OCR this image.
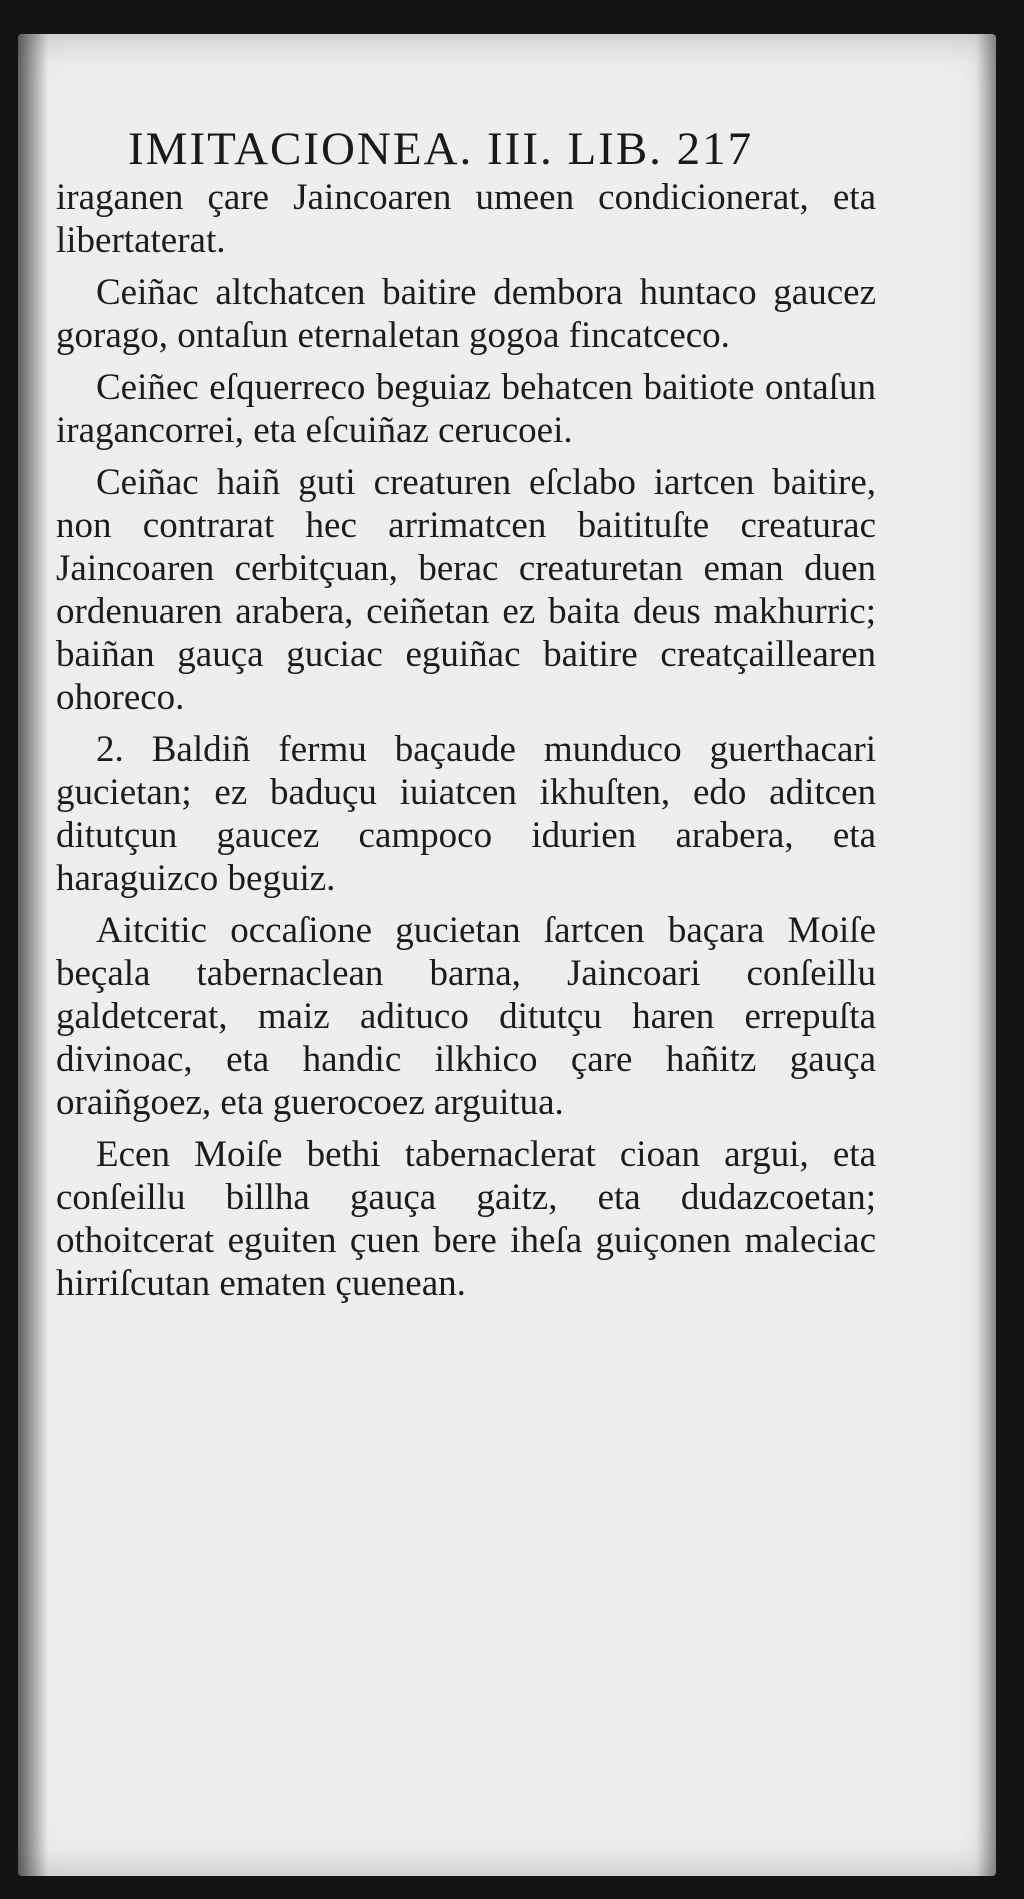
IMITACIONEA. III. LIB. 217

iraganen çare Jaincoaren umeen condicionerat, eta libertaterat.

Ceiñac altchatcen baitire dembora huntaco gaucez gorago, ontaſun eternaletan gogoa fincatceco.

Ceiñec eſquerreco beguiaz behatcen baitiote ontaſun iragancorrei, eta eſcuiñaz cerucoei.

Ceiñac haiñ guti creaturen eſclabo iartcen baitire, non contrarat hec arrimatcen baitituſte creaturac Jaincoaren cerbitçuan, berac creaturetan eman duen ordenuaren arabera, ceiñetan ez baita deus makhurric; baiñan gauça guciac eguiñac baitire creatçaillearen ohoreco.

2. Baldiñ fermu baçaude munduco guerthacari gucietan; ez baduçu iuiatcen ikhuſten, edo aditcen ditutçun gaucez campoco idurien arabera, eta haraguizco beguiz.

Aitcitic occaſione gucietan ſartcen baçara Moiſe beçala tabernaclean barna, Jaincoari conſeillu galdetcerat, maiz adituco ditutçu haren errepuſta divinoac, eta handic ilkhico çare hañitz gauça oraiñgoez, eta guerocoez arguitua.

Ecen Moiſe bethi tabernaclerat cioan argui, eta conſeillu billha gauça gaitz, eta dudazcoetan; othoitcerat eguiten çuen bere iheſa guiçonen maleciac hirriſcutan ematen çuenean.
